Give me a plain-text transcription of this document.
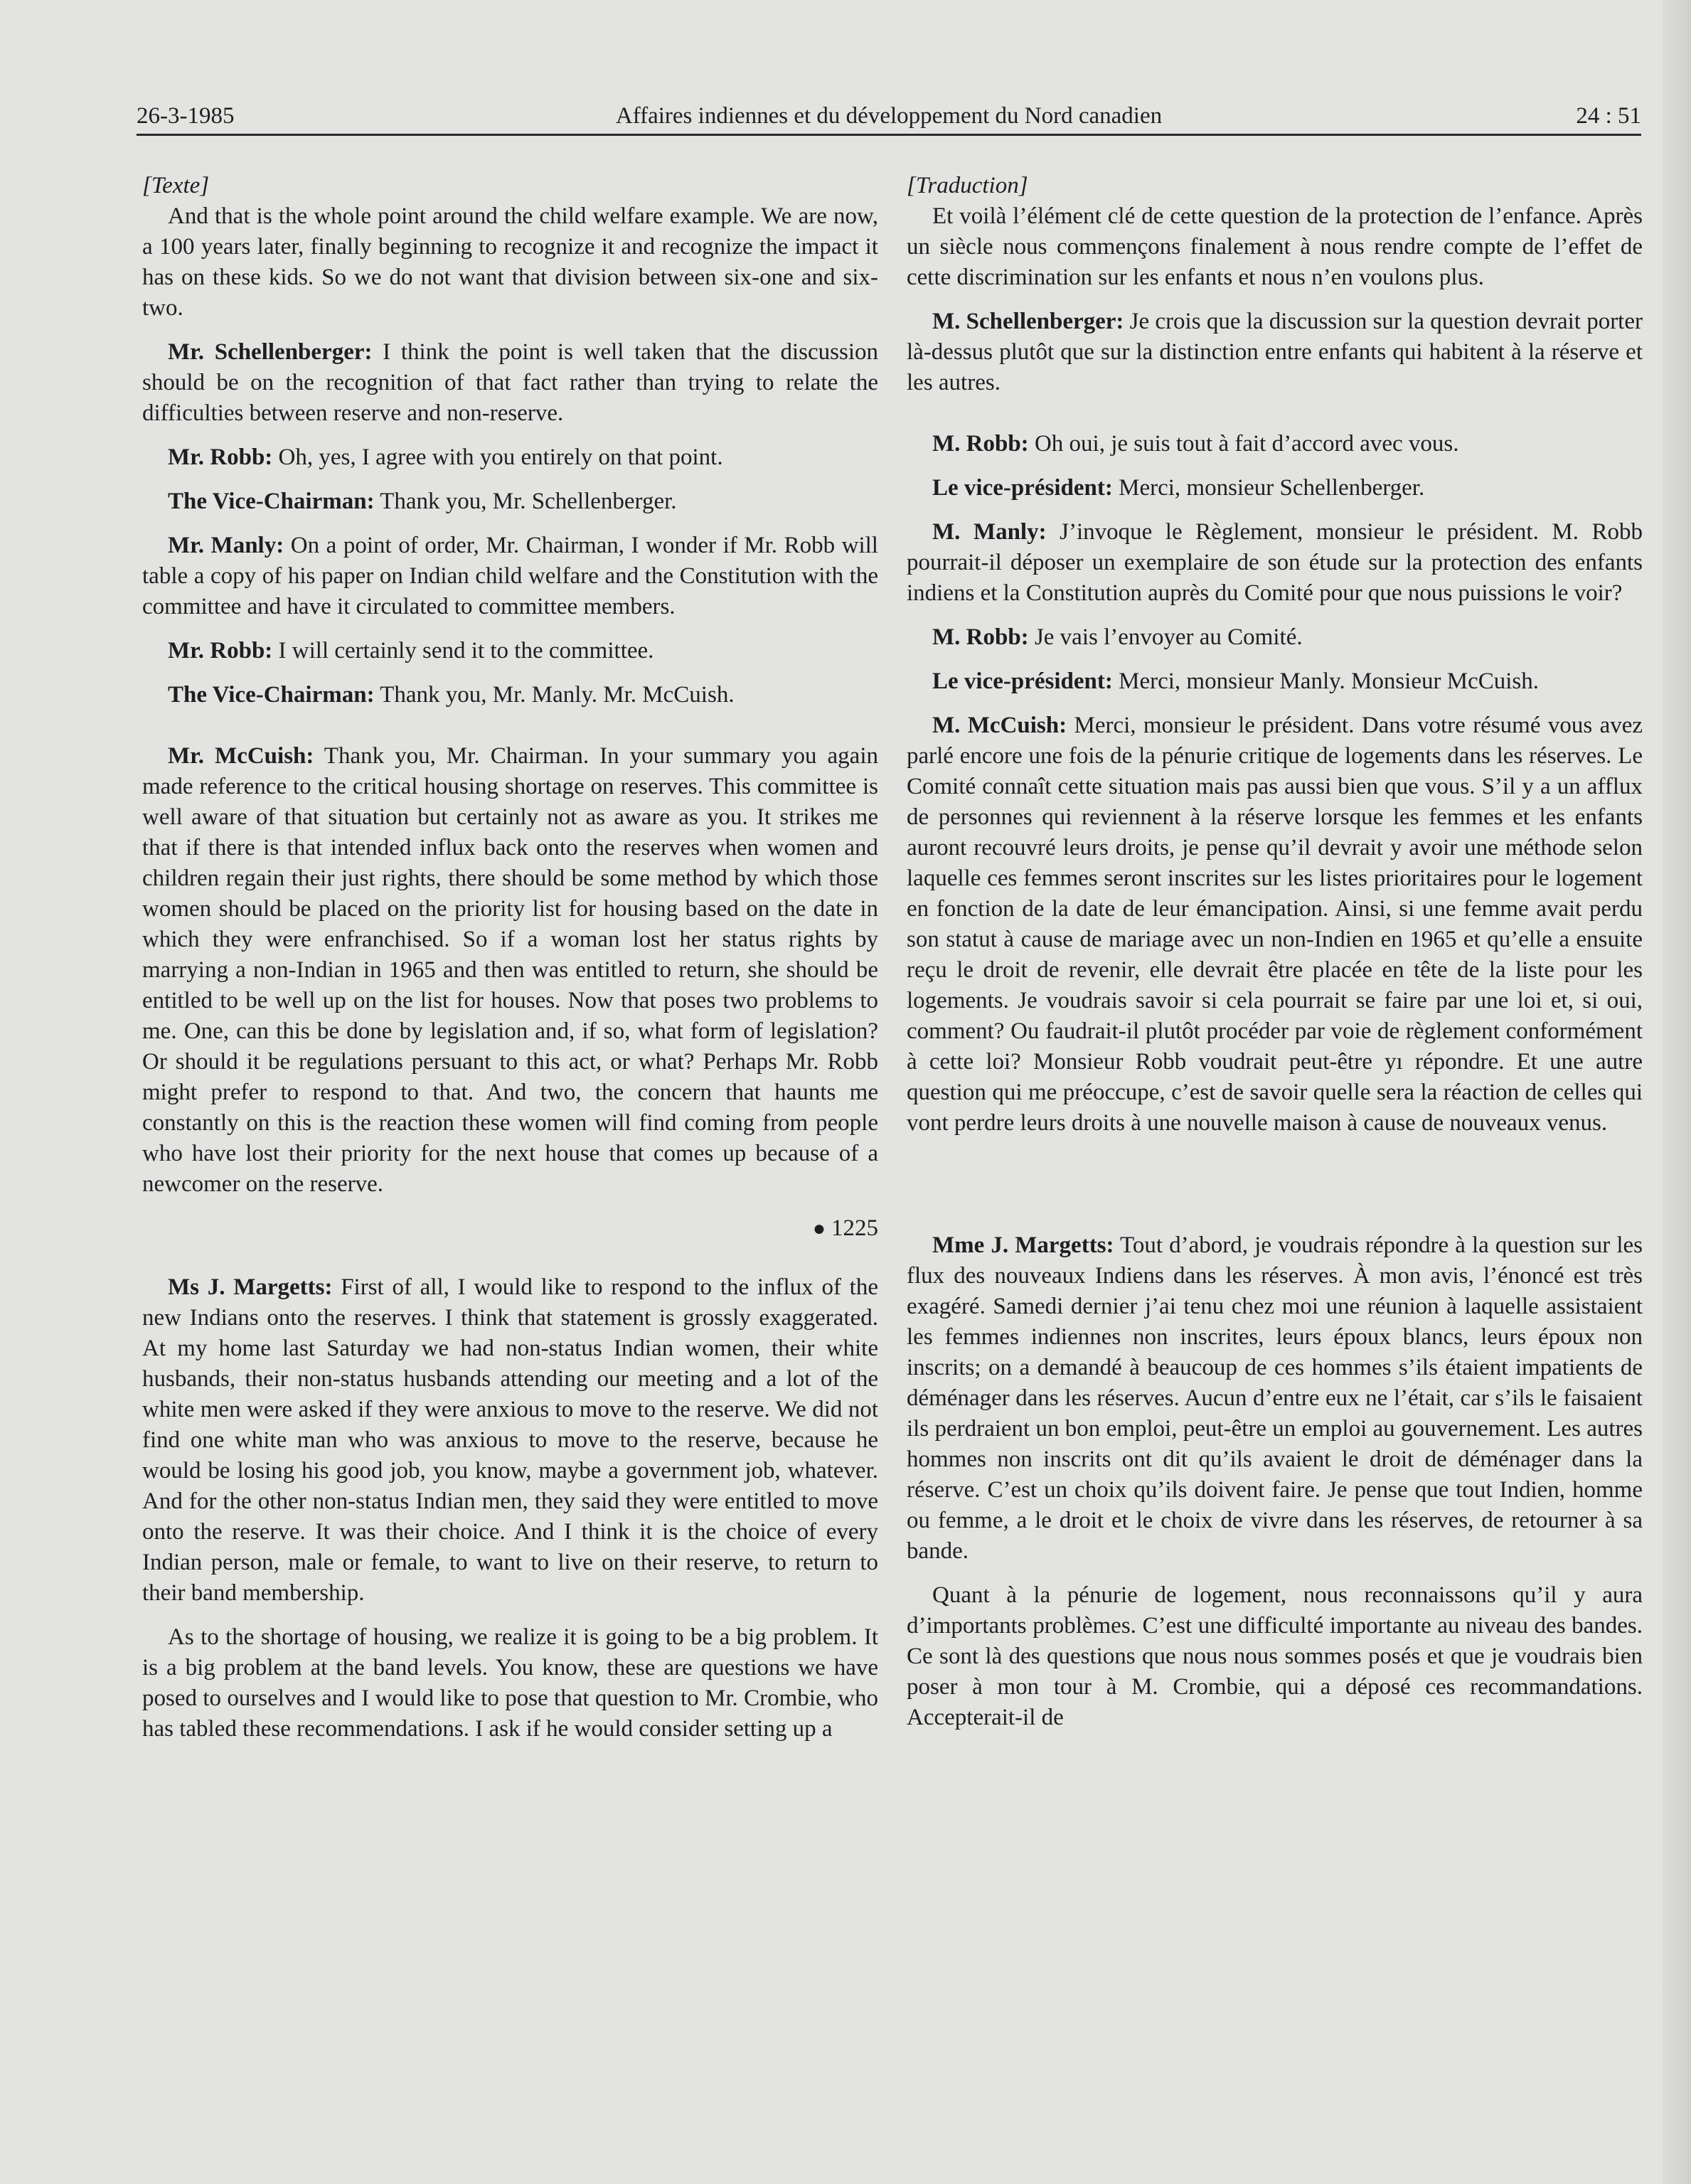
26-3-1985	Affaires indiennes et du développement du Nord canadien	24 : 51
[Texte]

And that is the whole point around the child welfare example. We are now, a 100 years later, finally beginning to recognize it and recognize the impact it has on these kids. So we do not want that division between six-one and six-two.

Mr. Schellenberger: I think the point is well taken that the discussion should be on the recognition of that fact rather than trying to relate the difficulties between reserve and non-reserve.

Mr. Robb: Oh, yes, I agree with you entirely on that point.

The Vice-Chairman: Thank you, Mr. Schellenberger.

Mr. Manly: On a point of order, Mr. Chairman, I wonder if Mr. Robb will table a copy of his paper on Indian child welfare and the Constitution with the committee and have it circulated to committee members.

Mr. Robb: I will certainly send it to the committee.

The Vice-Chairman: Thank you, Mr. Manly. Mr. McCuish.

Mr. McCuish: Thank you, Mr. Chairman. In your summary you again made reference to the critical housing shortage on reserves. This committee is well aware of that situation but certainly not as aware as you. It strikes me that if there is that intended influx back onto the reserves when women and children regain their just rights, there should be some method by which those women should be placed on the priority list for housing based on the date in which they were enfranchised. So if a woman lost her status rights by marrying a non-Indian in 1965 and then was entitled to return, she should be entitled to be well up on the list for houses. Now that poses two problems to me. One, can this be done by legislation and, if so, what form of legislation? Or should it be regulations persuant to this act, or what? Perhaps Mr. Robb might prefer to respond to that. And two, the concern that haunts me constantly on this is the reaction these women will find coming from people who have lost their priority for the next house that comes up because of a newcomer on the reserve.

● 1225

Ms J. Margetts: First of all, I would like to respond to the influx of the new Indians onto the reserves. I think that statement is grossly exaggerated. At my home last Saturday we had non-status Indian women, their white husbands, their non-status husbands attending our meeting and a lot of the white men were asked if they were anxious to move to the reserve. We did not find one white man who was anxious to move to the reserve, because he would be losing his good job, you know, maybe a government job, whatever. And for the other non-status Indian men, they said they were entitled to move onto the reserve. It was their choice. And I think it is the choice of every Indian person, male or female, to want to live on their reserve, to return to their band membership.

As to the shortage of housing, we realize it is going to be a big problem. It is a big problem at the band levels. You know, these are questions we have posed to ourselves and I would like to pose that question to Mr. Crombie, who has tabled these recommendations. I ask if he would consider setting up a

[Traduction]

Et voilà l’élément clé de cette question de la protection de l’enfance. Après un siècle nous commençons finalement à nous rendre compte de l’effet de cette discrimination sur les enfants et nous n’en voulons plus.

M. Schellenberger: Je crois que la discussion sur la question devrait porter là-dessus plutôt que sur la distinction entre enfants qui habitent à la réserve et les autres.

M. Robb: Oh oui, je suis tout à fait d’accord avec vous.

Le vice-président: Merci, monsieur Schellenberger.

M. Manly: J’invoque le Règlement, monsieur le président. M. Robb pourrait-il déposer un exemplaire de son étude sur la protection des enfants indiens et la Constitution auprès du Comité pour que nous puissions le voir?

M. Robb: Je vais l’envoyer au Comité.

Le vice-président: Merci, monsieur Manly. Monsieur McCuish.

M. McCuish: Merci, monsieur le président. Dans votre résumé vous avez parlé encore une fois de la pénurie critique de logements dans les réserves. Le Comité connaît cette situation mais pas aussi bien que vous. S’il y a un afflux de personnes qui reviennent à la réserve lorsque les femmes et les enfants auront recouvré leurs droits, je pense qu’il devrait y avoir une méthode selon laquelle ces femmes seront inscrites sur les listes prioritaires pour le logement en fonction de la date de leur émancipation. Ainsi, si une femme avait perdu son statut à cause de mariage avec un non-Indien en 1965 et qu’elle a ensuite reçu le droit de revenir, elle devrait être placée en tête de la liste pour les logements. Je voudrais savoir si cela pourrait se faire par une loi et, si oui, comment? Ou faudrait-il plutôt procéder par voie de règlement conformément à cette loi? Monsieur Robb voudrait peut-être yı répondre. Et une autre question qui me préoccupe, c’est de savoir quelle sera la réaction de celles qui vont perdre leurs droits à une nouvelle maison à cause de nouveaux venus.

Mme J. Margetts: Tout d’abord, je voudrais répondre à la question sur les flux des nouveaux Indiens dans les réserves. À mon avis, l’énoncé est très exagéré. Samedi dernier j’ai tenu chez moi une réunion à laquelle assistaient les femmes indiennes non inscrites, leurs époux blancs, leurs époux non inscrits; on a demandé à beaucoup de ces hommes s’ils étaient impatients de déménager dans les réserves. Aucun d’entre eux ne l’était, car s’ils le faisaient ils perdraient un bon emploi, peut-être un emploi au gouvernement. Les autres hommes non inscrits ont dit qu’ils avaient le droit de déménager dans la réserve. C’est un choix qu’ils doivent faire. Je pense que tout Indien, homme ou femme, a le droit et le choix de vivre dans les réserves, de retourner à sa bande.

Quant à la pénurie de logement, nous reconnaissons qu’il y aura d’importants problèmes. C’est une difficulté importante au niveau des bandes. Ce sont là des questions que nous nous sommes posés et que je voudrais bien poser à mon tour à M. Crombie, qui a déposé ces recommandations. Accepterait-il de
